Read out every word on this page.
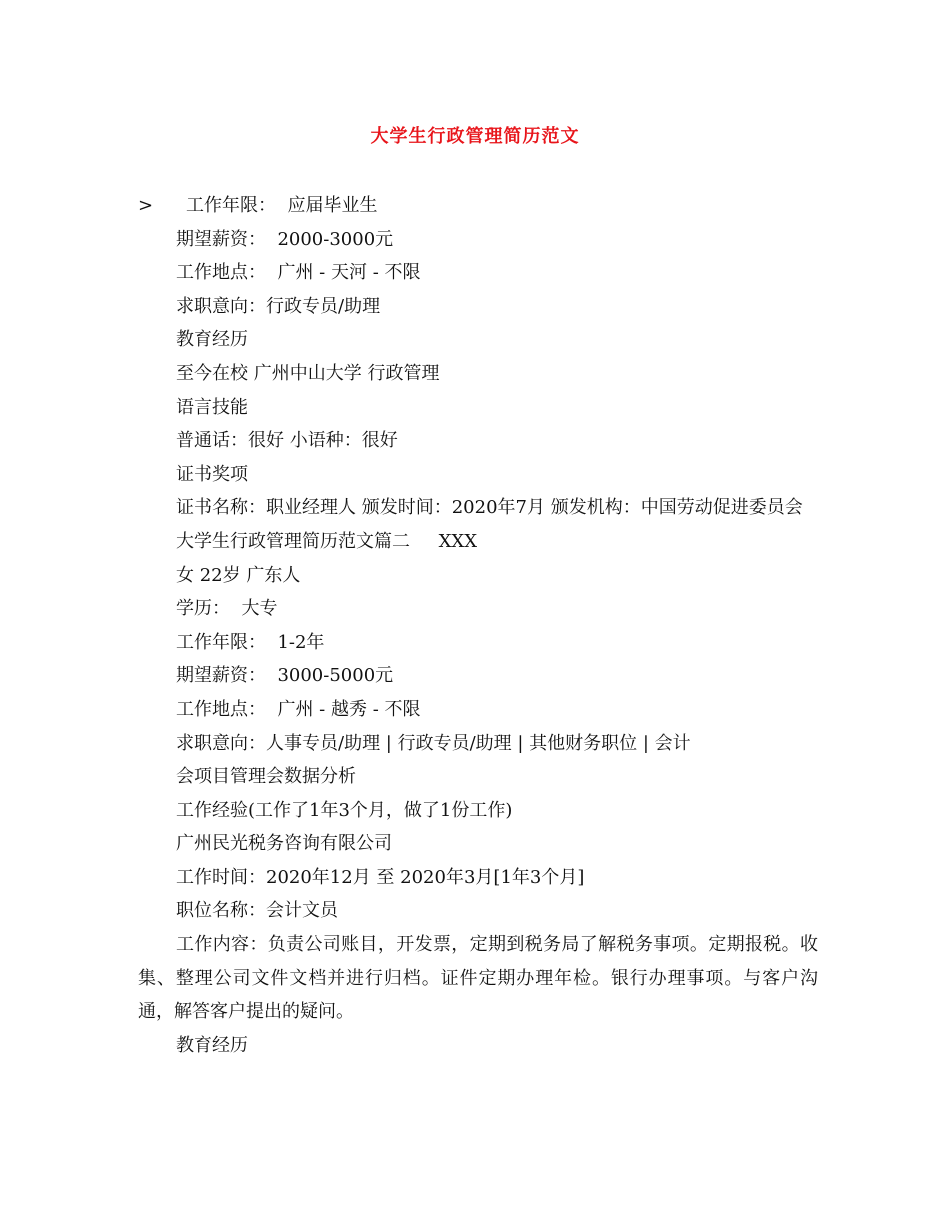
大学生行政管理简历范文

>

工作年限：  应届毕业生

期望薪资：  2000-3000元
工作地点：  广州 - 天河 - 不限
求职意向：行政专员/助理
教育经历
至今在校 广州中山大学 行政管理
语言技能
普通话：很好 小语种：很好
证书奖项
证书名称：职业经理人 颁发时间：2020年7月 颁发机构：中国劳动促进委员会
大学生行政管理简历范文篇二     XXX
女 22岁 广东人
学历：  大专
工作年限：  1-2年
期望薪资：  3000-5000元
工作地点：  广州 - 越秀 - 不限
求职意向：人事专员/助理 | 行政专员/助理 | 其他财务职位 | 会计
会项目管理会数据分析
工作经验(工作了1年3个月，做了1份工作)
广州民光税务咨询有限公司
工作时间：2020年12月 至 2020年3月[1年3个月]
职位名称：会计文员
工作内容：负责公司账目，开发票，定期到税务局了解税务事项。定期报税。收集、整理公司文件文档并进行归档。证件定期办理年检。银行办理事项。与客户沟通，解答客户提出的疑问。
教育经历
